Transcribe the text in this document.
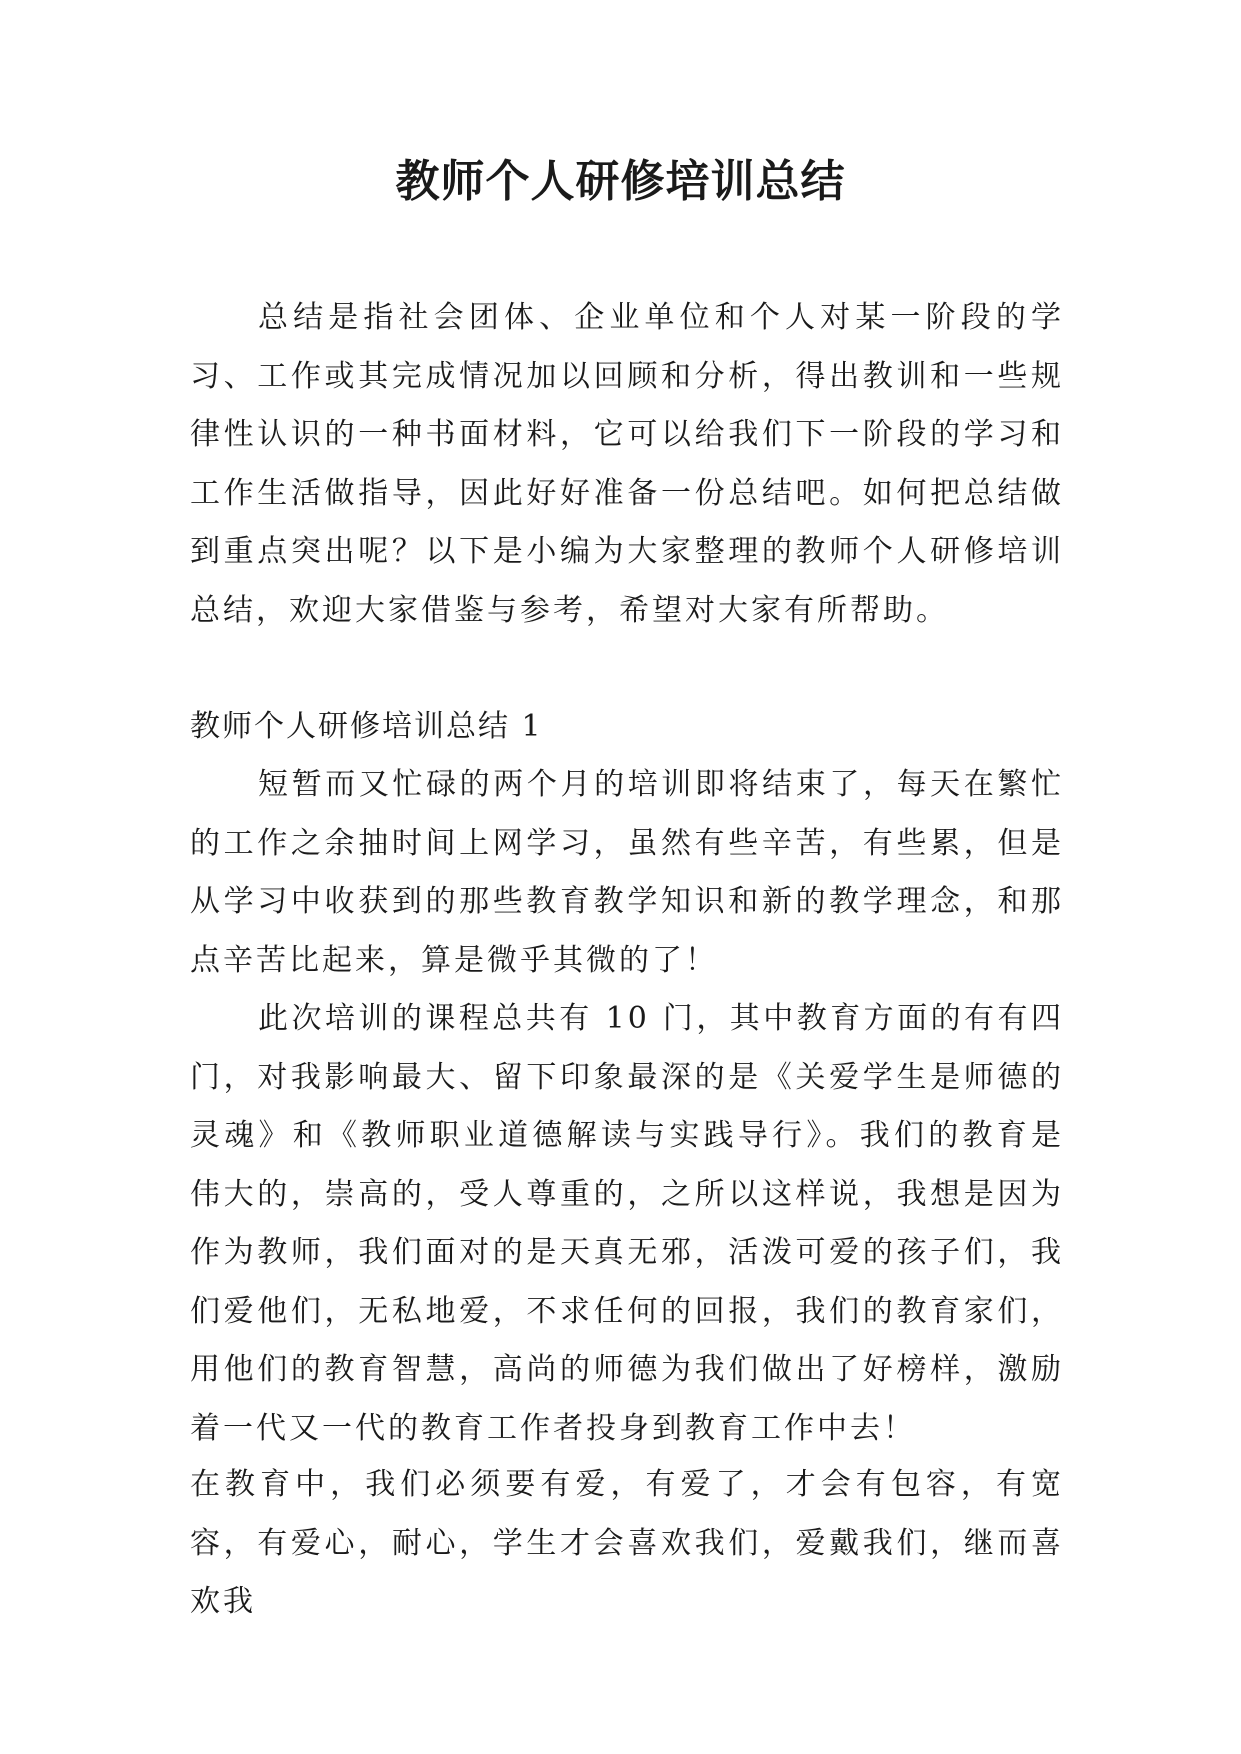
教师个人研修培训总结

总结是指社会团体、企业单位和个人对某一阶段的学习、工作或其完成情况加以回顾和分析，得出教训和一些规律性认识的一种书面材料，它可以给我们下一阶段的学习和工作生活做指导，因此好好准备一份总结吧。如何把总结做到重点突出呢？以下是小编为大家整理的教师个人研修培训总结，欢迎大家借鉴与参考，希望对大家有所帮助。

教师个人研修培训总结 1

短暂而又忙碌的两个月的培训即将结束了，每天在繁忙的工作之余抽时间上网学习，虽然有些辛苦，有些累，但是从学习中收获到的那些教育教学知识和新的教学理念，和那点辛苦比起来，算是微乎其微的了！

此次培训的课程总共有 10 门，其中教育方面的有有四门，对我影响最大、留下印象最深的是《关爱学生是师德的灵魂》和《教师职业道德解读与实践导行》。我们的教育是伟大的，崇高的，受人尊重的，之所以这样说，我想是因为作为教师，我们面对的是天真无邪，活泼可爱的孩子们，我们爱他们，无私地爱，不求任何的回报，我们的教育家们，用他们的教育智慧，高尚的师德为我们做出了好榜样，激励着一代又一代的教育工作者投身到教育工作中去！

在教育中，我们必须要有爱，有爱了，才会有包容，有宽容，有爱心，耐心，学生才会喜欢我们，爱戴我们，继而喜欢我
